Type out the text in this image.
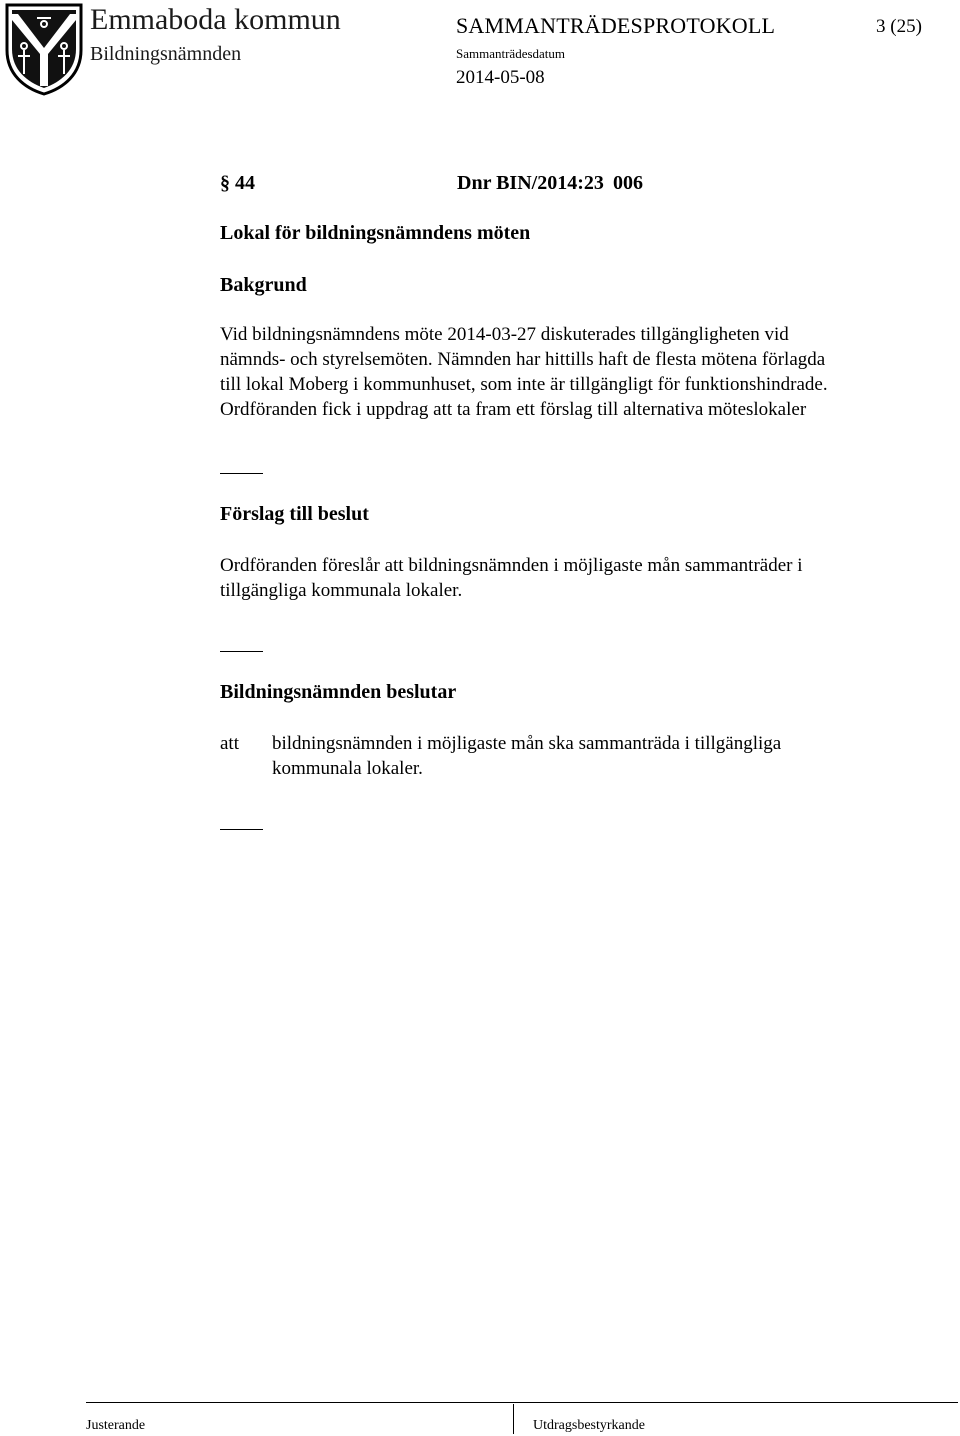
Emmaboda kommun
Bildningsnämnden
SAMMANTRÄDESPROTOKOLL	3 (25)
Sammanträdesdatum
2014-05-08
§ 44	Dnr BIN/2014:23 006
Lokal för bildningsnämndens möten
Bakgrund
Vid bildningsnämndens möte 2014-03-27 diskuterades tillgängligheten vid
nämnds- och styrelsemöten. Nämnden har hittills haft de flesta mötena förlagda
till lokal Moberg i kommunhuset, som inte är tillgängligt för funktionshindrade.
Ordföranden fick i uppdrag att ta fram ett förslag till alternativa möteslokaler
Förslag till beslut
Ordföranden föreslår att bildningsnämnden i möjligaste mån sammanträder i
tillgängliga kommunala lokaler.
Bildningsnämnden beslutar
att bildningsnämnden i möjligaste mån ska sammanträda i tillgängliga
kommunala lokaler.
Justerande	Utdragsbestyrkande
